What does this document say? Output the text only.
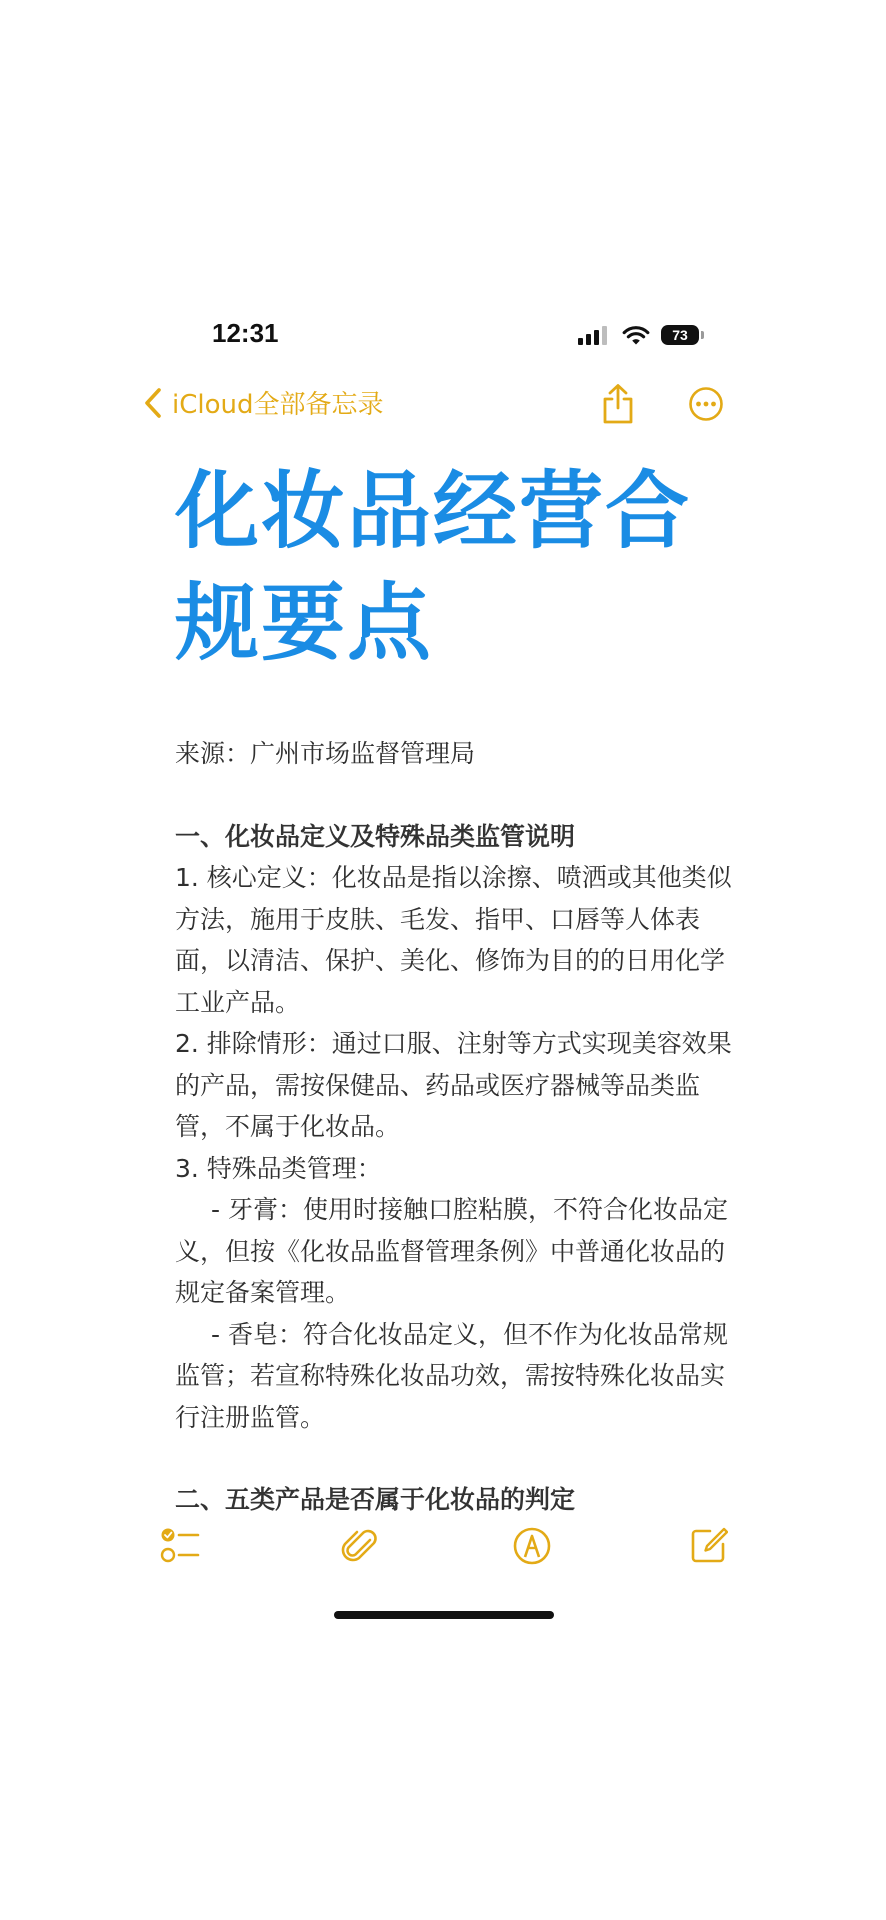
12:31	73
iCloud全部备忘录
化妆品经营合
规要点

来源：广州市场监督管理局

一、化妆品定义及特殊品类监管说明

1. 核心定义：化妆品是指以涂擦、喷洒或其他类似方法，施用于皮肤、毛发、指甲、口唇等人体表面，以清洁、保护、美化、修饰为目的的日用化学工业产品。

2. 排除情形：通过口服、注射等方式实现美容效果的产品，需按保健品、药品或医疗器械等品类监管，不属于化妆品。

3. 特殊品类管理：

- 牙膏：使用时接触口腔粘膜，不符合化妆品定义，但按《化妆品监督管理条例》中普通化妆品的规定备案管理。

- 香皂：符合化妆品定义，但不作为化妆品常规监管；若宣称特殊化妆品功效，需按特殊化妆品实行注册监管。

二、五类产品是否属于化妆品的判定
